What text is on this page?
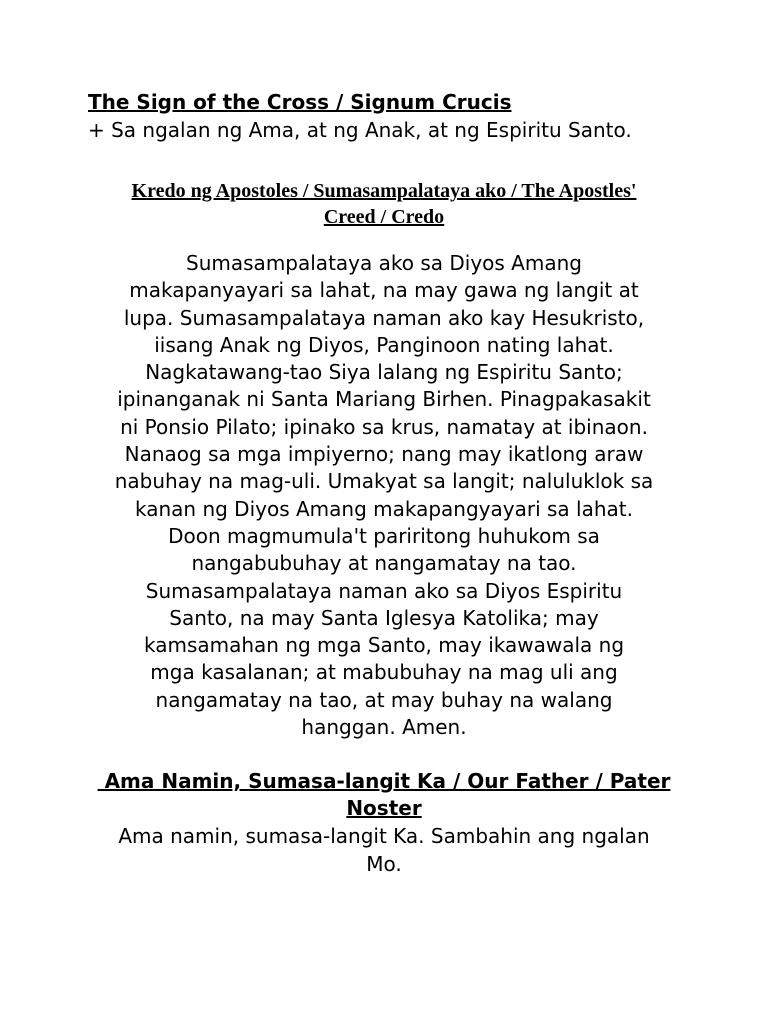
The Sign of the Cross / Signum Crucis

+ Sa ngalan ng Ama, at ng Anak, at ng Espiritu Santo.

Kredo ng Apostoles / Sumasampalataya ako / The Apostles'
Creed / Credo
Sumasampalataya ako sa Diyos Amang
makapanyayari sa lahat, na may gawa ng langit at
lupa. Sumasampalataya naman ako kay Hesukristo,
iisang Anak ng Diyos, Panginoon nating lahat.
Nagkatawang-tao Siya lalang ng Espiritu Santo;
ipinanganak ni Santa Mariang Birhen. Pinagpakasakit
ni Ponsio Pilato; ipinako sa krus, namatay at ibinaon.
Nanaog sa mga impiyerno; nang may ikatlong araw
nabuhay na mag-uli. Umakyat sa langit; naluluklok sa
kanan ng Diyos Amang makapangyayari sa lahat.
Doon magmumula't pariritong huhukom sa
nangabubuhay at nangamatay na tao.
Sumasampalataya naman ako sa Diyos Espiritu
Santo, na may Santa Iglesya Katolika; may
kamsamahan ng mga Santo, may ikawawala ng
mga kasalanan; at mabubuhay na mag uli ang
nangamatay na tao, at may buhay na walang
hanggan. Amen.
Ama Namin, Sumasa-langit Ka / Our Father / Pater
Noster
Ama namin, sumasa-langit Ka. Sambahin ang ngalan
Mo.
